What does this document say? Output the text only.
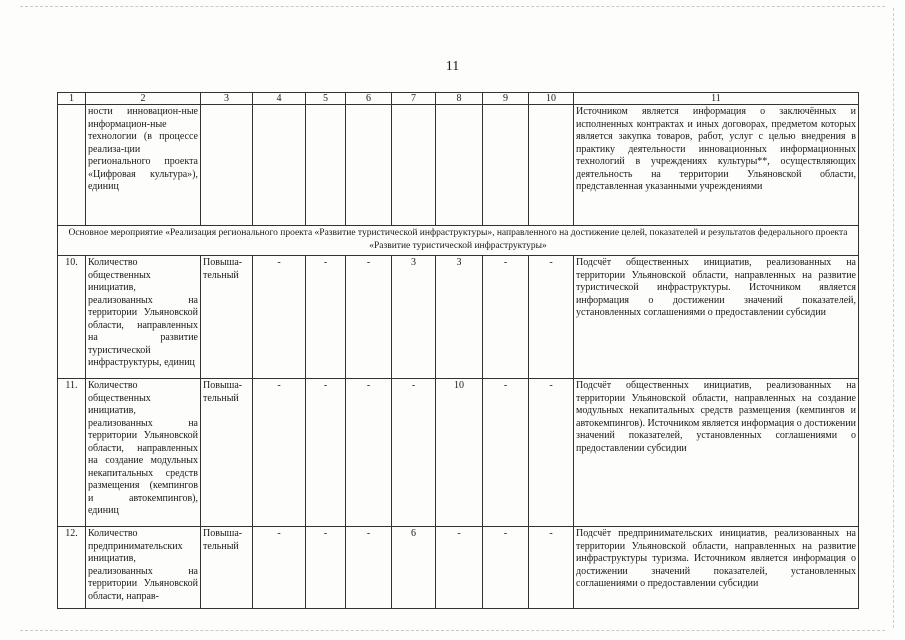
11
1	2	3	4	5	6	7	8	9	10	11
	ности инновацион-ные информацион-ные технологии (в процессе реализа-ции регионального проекта «Цифровая культура»), единиц									Источником является информация о заключённых и исполненных контрактах и иных договорах, предметом которых является закупка товаров, работ, услуг с целью внедрения в практику деятельности инновационных информационных технологий в учреждениях культуры**, осуществляющих деятельность на территории Ульяновской области, представленная указанными учреждениями
Основное мероприятие «Реализация регионального проекта «Развитие туристической инфраструктуры», направленного на достижение целей, показателей и результатов федерального проекта «Развитие туристической инфраструктуры»										
10.	Количество общественных инициатив, реализованных на территории Ульяновской области, направленных на развитие туристической инфраструктуры, единиц	Повыша-тельный	-	-	-	3	3	-	-	Подсчёт общественных инициатив, реализованных на территории Ульяновской области, направленных на развитие туристической инфраструктуры. Источником является информация о достижении значений показателей, установленных соглашениями о предоставлении субсидии
11.	Количество общественных инициатив, реализованных на территории Ульяновской области, направленных на создание модульных некапитальных средств размещения (кемпингов и автокемпингов), единиц	Повыша-тельный	-	-	-	-	10	-	-	Подсчёт общественных инициатив, реализованных на территории Ульяновской области, направленных на создание модульных некапитальных средств размещения (кемпингов и автокемпингов). Источником является информация о достижении значений показателей, установленных соглашениями о предоставлении субсидии
12.	Количество предпринимательских инициатив, реализованных на территории Ульяновской области, направ-	Повыша-тельный	-	-	-	6	-	-	-	Подсчёт предпринимательских инициатив, реализованных на территории Ульяновской области, направленных на развитие инфраструктуры туризма. Источником является информация о достижении значений показателей, установленных соглашениями о предоставлении субсидии
